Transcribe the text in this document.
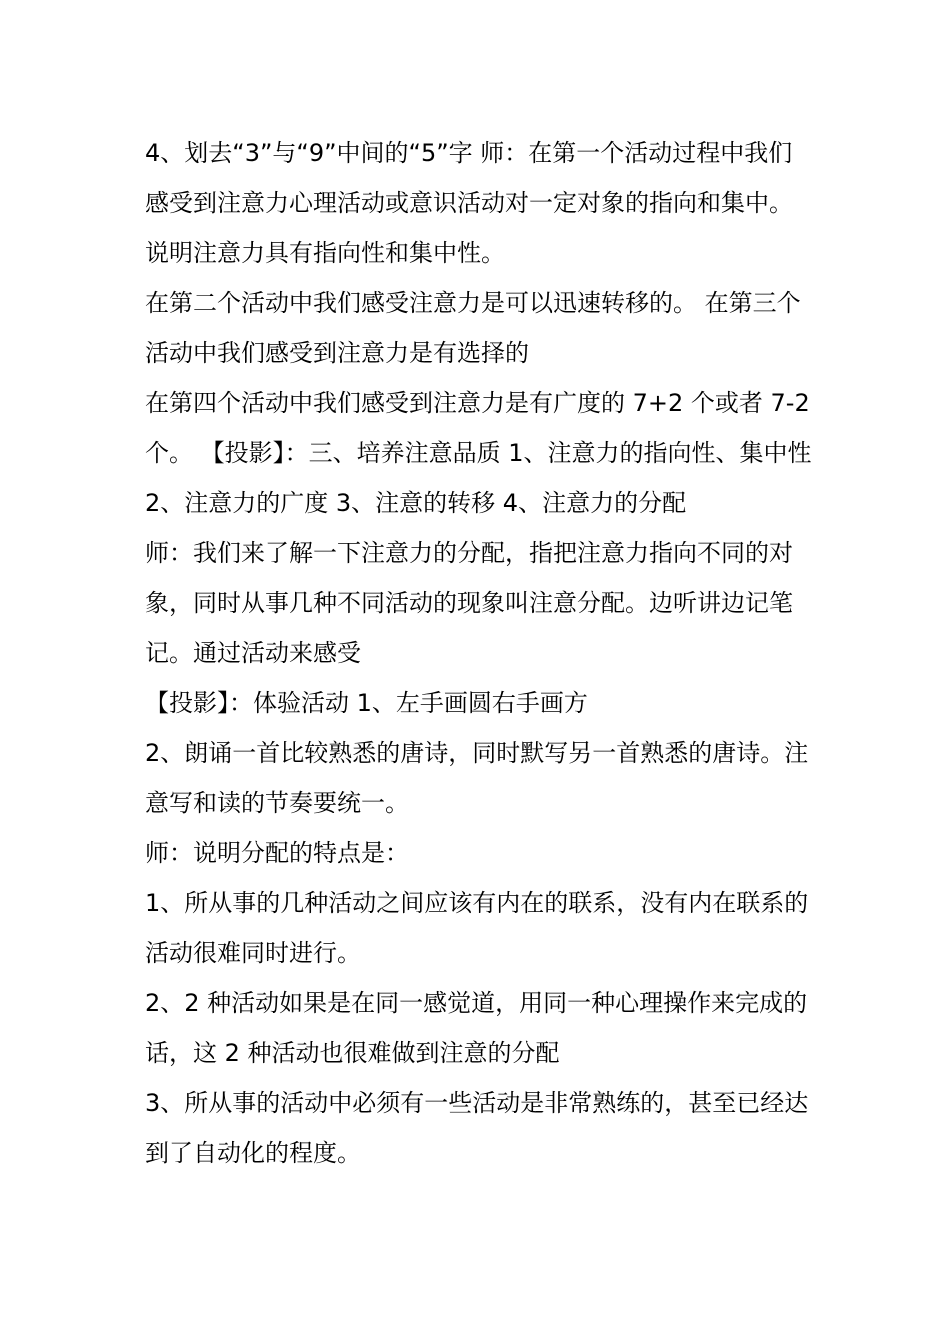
4、划去“3”与“9”中间的“5”字 师：在第一个活动过程中我们感受到注意力心理活动或意识活动对一定对象的指向和集中。说明注意力具有指向性和集中性。

在第二个活动中我们感受注意力是可以迅速转移的。 在第三个活动中我们感受到注意力是有选择的

在第四个活动中我们感受到注意力是有广度的 7+2 个或者 7-2 个。 【投影】：三、培养注意品质 1、注意力的指向性、集中性 2、注意力的广度 3、注意的转移 4、注意力的分配

师：我们来了解一下注意力的分配，指把注意力指向不同的对象，同时从事几种不同活动的现象叫注意分配。边听讲边记笔记。通过活动来感受

【投影】：体验活动 1、左手画圆右手画方

2、朗诵一首比较熟悉的唐诗，同时默写另一首熟悉的唐诗。注意写和读的节奏要统一。

师：说明分配的特点是：

1、所从事的几种活动之间应该有内在的联系，没有内在联系的活动很难同时进行。

2、2 种活动如果是在同一感觉道，用同一种心理操作来完成的话，这 2 种活动也很难做到注意的分配

3、所从事的活动中必须有一些活动是非常熟练的，甚至已经达到了自动化的程度。
